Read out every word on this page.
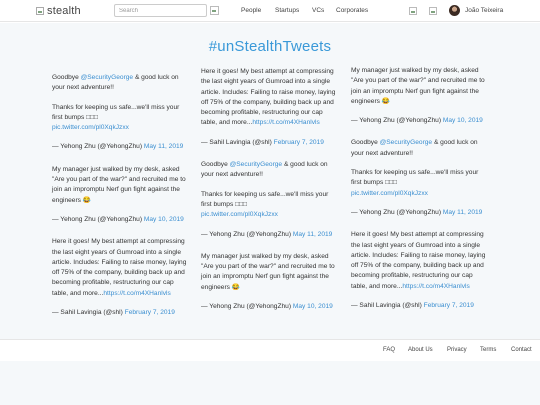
stealth
Search	People Startups VCs Corporates	João Teixeira
#unStealthTweets

Goodbye @SecurityGeorge & good luck on your next adventure!!

Thanks for keeping us safe...we'll miss your first bumps □□□
pic.twitter.com/pl0XqkJzxx

— Yehong Zhu (@YehongZhu) May 11, 2019

My manager just walked by my desk, asked "Are you part of the war?" and recruited me to join an impromptu Nerf gun fight against the engineers 😂

— Yehong Zhu (@YehongZhu) May 10, 2019

Here it goes! My best attempt at compressing the last eight years of Gumroad into a single article. Includes: Failing to raise money, laying off 75% of the company, building back up and becoming profitable, restructuring our cap table, and more...https://t.co/m4XHanlvls

— Sahil Lavingia (@shl) February 7, 2019

Here it goes! My best attempt at compressing the last eight years of Gumroad into a single article. Includes: Failing to raise money, laying off 75% of the company, building back up and becoming profitable, restructuring our cap table, and more...https://t.co/m4XHanlvls

— Sahil Lavingia (@shl) February 7, 2019

Goodbye @SecurityGeorge & good luck on your next adventure!!

Thanks for keeping us safe...we'll miss your first bumps □□□
pic.twitter.com/pl0XqkJzxx

— Yehong Zhu (@YehongZhu) May 11, 2019

My manager just walked by my desk, asked "Are you part of the war?" and recruited me to join an impromptu Nerf gun fight against the engineers 😂

— Yehong Zhu (@YehongZhu) May 10, 2019

My manager just walked by my desk, asked "Are you part of the war?" and recruited me to join an impromptu Nerf gun fight against the engineers 😂

— Yehong Zhu (@YehongZhu) May 10, 2019

Goodbye @SecurityGeorge & good luck on your next adventure!!

Thanks for keeping us safe...we'll miss your first bumps □□□
pic.twitter.com/pl0XqkJzxx

— Yehong Zhu (@YehongZhu) May 11, 2019

Here it goes! My best attempt at compressing the last eight years of Gumroad into a single article. Includes: Failing to raise money, laying off 75% of the company, building back up and becoming profitable, restructuring our cap table, and more...https://t.co/m4XHanlvls

— Sahil Lavingia (@shl) February 7, 2019

FAQ About Us Privacy Terms Contact
